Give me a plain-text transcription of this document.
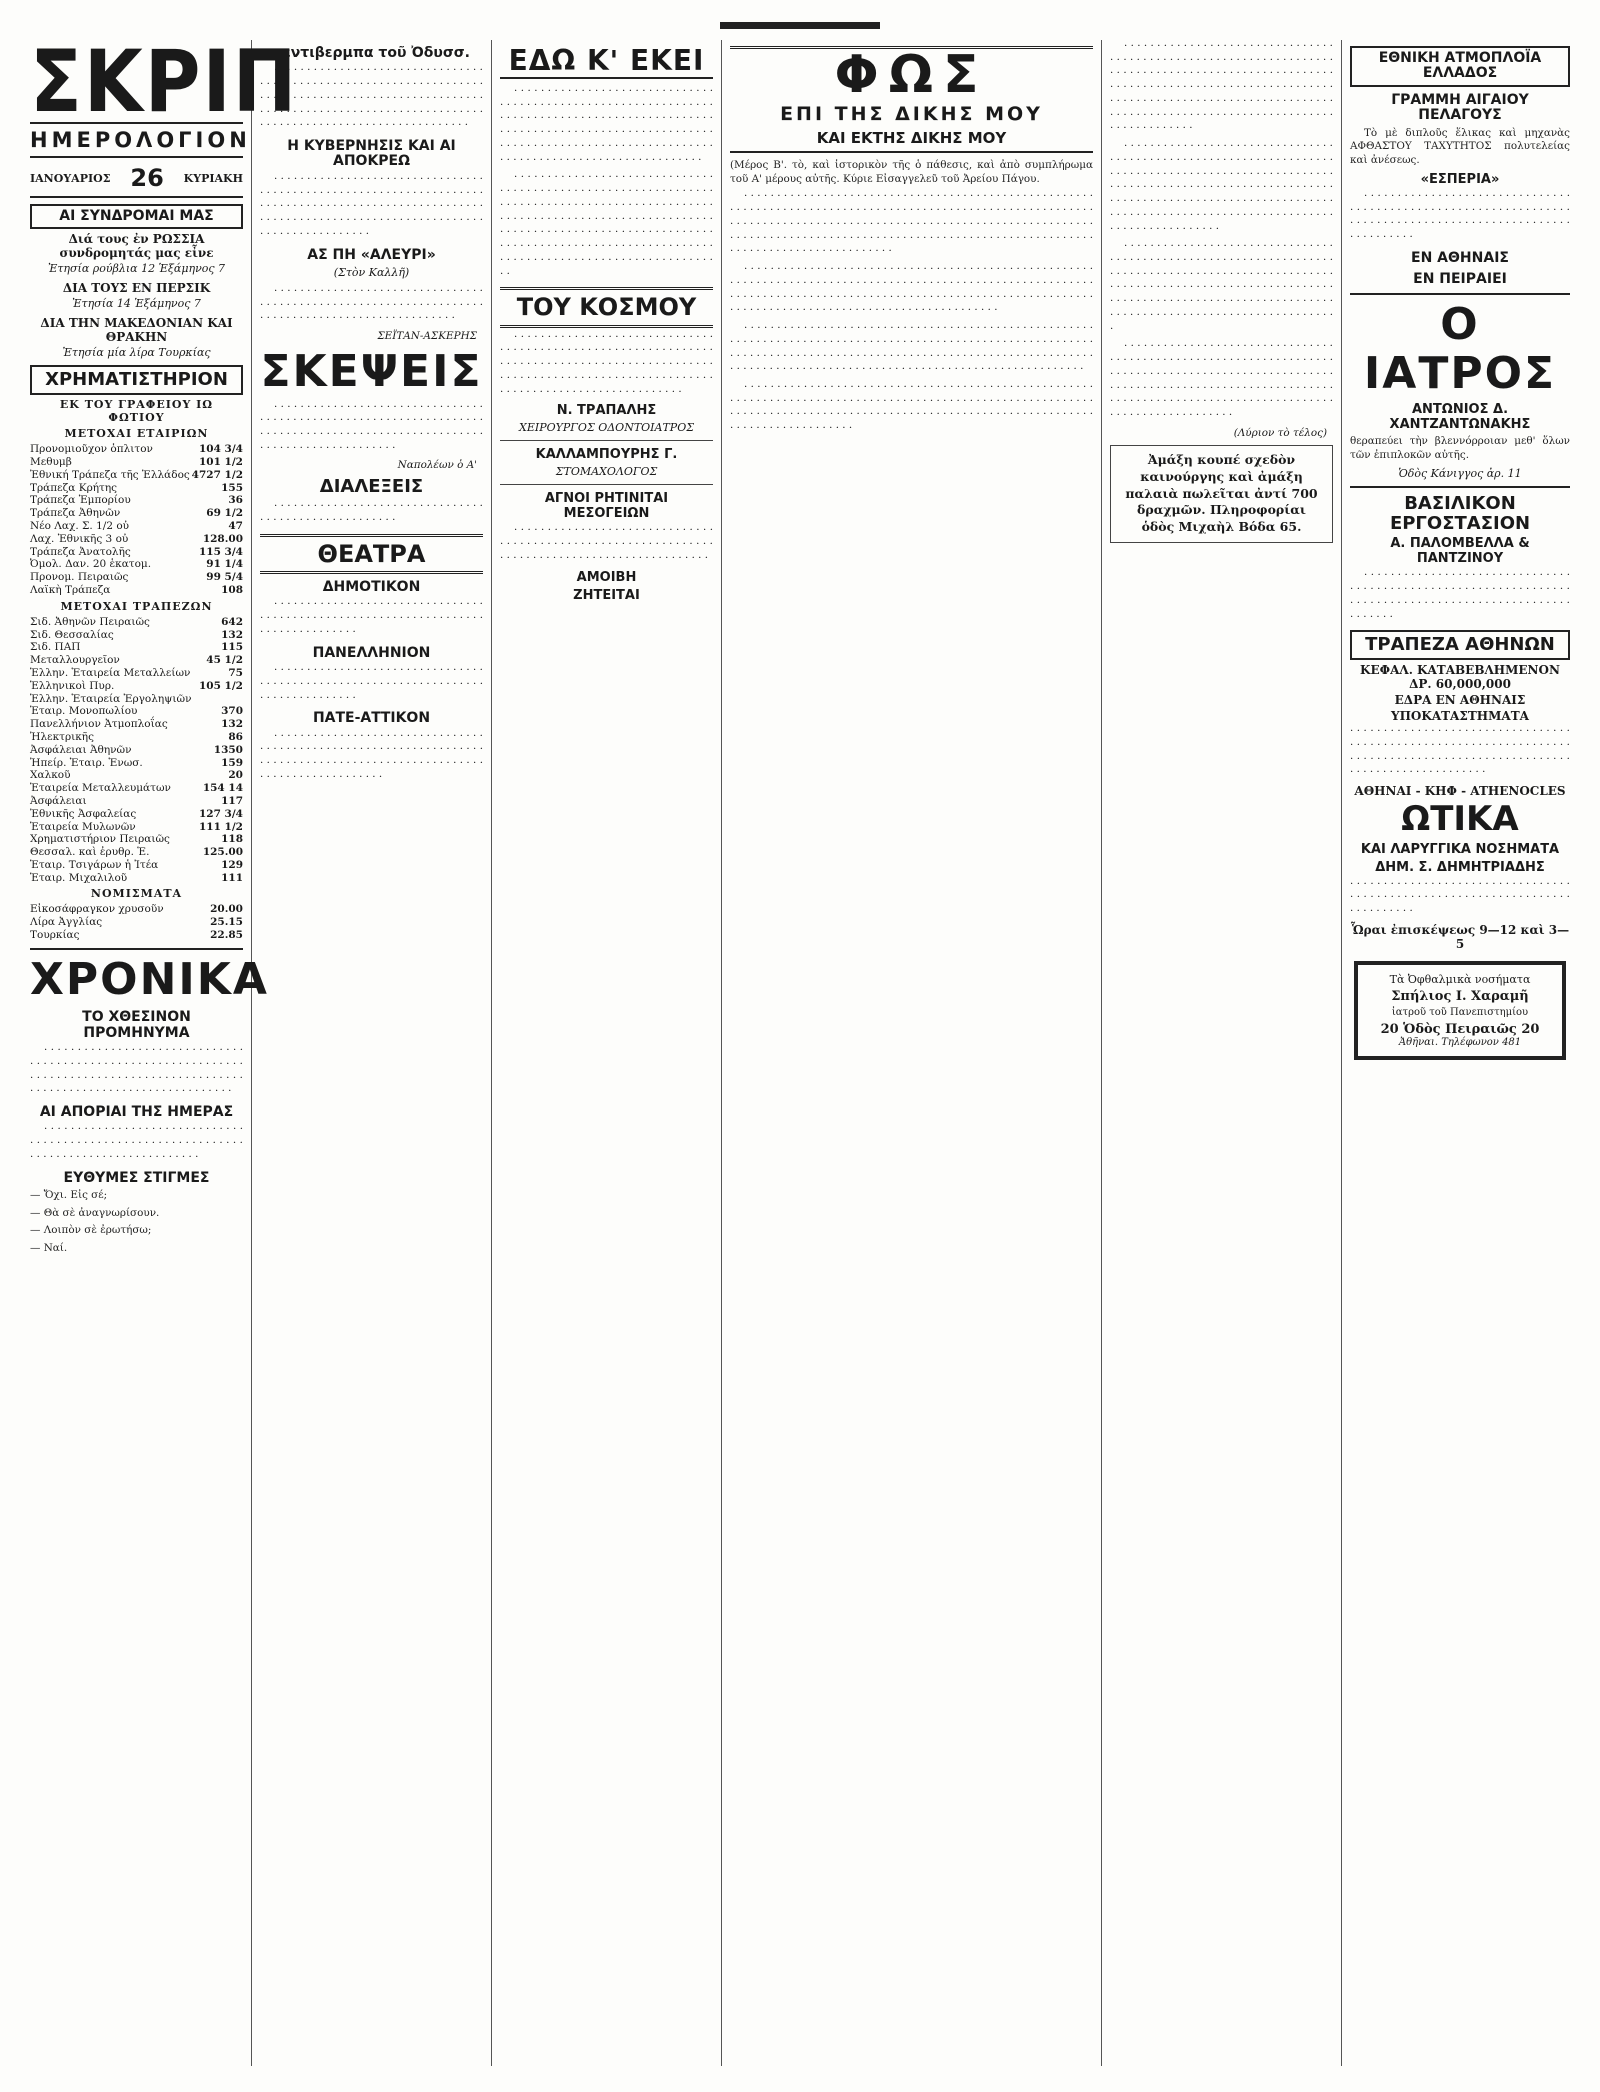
ΣΚΡΙΠ
ΗΜΕΡΟΛΟΓΙΟΝ
ΙΑΝΟΥΑΡΙΟΣ 26 ΚΥΡΙΑΚΗ
ΑΙ ΣΥΝΔΡΟΜΑΙ ΜΑΣ
Διά τους ἐν ΡΩΣΣΙΑ συνδρομητάς μας εἶνε
Ἐτησία ρούβλια 12 Ἑξάμηνος 7
ΔΙΑ ΤΟΥΣ ΕΝ ΠΕΡΣΙΚ
Ἐτησία 14 Ἑξάμηνος 7
ΔΙΑ ΤΗΝ ΜΑΚΕΔΟΝΙΑΝ ΚΑΙ ΘΡΑΚΗΝ
Ἐτησία μία λίρα Τουρκίας
ΧΡΗΜΑΤΙΣΤΗΡΙΟΝ
ΕΚ ΤΟΥ ΓΡΑΦΕΙΟΥ ΙΩ ΦΩΤΙΟΥ
ΜΕΤΟΧΑΙ ΕΤΑΙΡΙΩΝ
Προνομιοῦχον ὁπλιτον	104 3/4
Μεθυμβ	101 1/2
Ἐθνική Τράπεζα τῆς Ἑλλάδος	4727 1/2
Τράπεζα Κρήτης	155
Τράπεζα Ἐμπορίου	36
Τράπεζα Ἀθηνῶν	69 1/2
Νέο Λαχ. Σ. 1/2 οὐ	47
Λαχ. Ἐθνικῆς 3 οὐ	128.00
Τράπεζα Ἀνατολῆς	115 3/4
Ὀμολ. Δαν. 20 ἑκατομ.	91 1/4
Προνομ. Πειραιῶς	99 5/4
Λαϊκὴ Τράπεζα	108
ΜΕΤΟΧΑΙ ΤΡΑΠΕΖΩΝ
Σιδ. Ἀθηνῶν Πειραιῶς	642
Σιδ. Θεσσαλίας	132
Σιδ. ΠΑΠ	115
Μεταλλουργεῖον	45 1/2
Ἑλλην. Ἑταιρεία Μεταλλείων	75
Ἑλληνικοὶ Πυρ.	105 1/2
Ἑλλην. Ἑταιρεία Ἐργοληψιῶν	
Ἑταιρ. Μονοπωλίου	370
Πανελλήνιον Ἀτμοπλοΐας	132
Ἠλεκτρικῆς	86
Ἀσφάλειαι Ἀθηνῶν	1350
Ἠπείρ. Ἑταιρ. Ἑνωσ.	159
Χαλκοῦ	20
Ἑταιρεία Μεταλλευμάτων	154 14
Ἀσφάλειαι	117
Ἐθνικῆς Ἀσφαλείας	127 3/4
Ἑταιρεία Μυλωνῶν	111 1/2
Χρηματιστήριον Πειραιῶς	118
Θεσσαλ. καὶ ἐρυθρ. Ἑ.	125.00
Ἑταιρ. Τσιγάρων ἡ Ἰτέα	129
Ἑταιρ. Μιχαλιλοῦ	111
ΝΟΜΙΣΜΑΤΑ
Εἰκοσάφραγκον χρυσοῦν	20.00
Λίρα Ἀγγλίας	25.15
Τουρκίας	22.85
ΧΡΟΝΙΚΑ
ΤΟ ΧΘΕΣΙΝΟΝ ΠΡΟΜΗΝΥΜΑ

· · · · · · · · · · · · · · · · · · · · · · · · · · · · · · · · · · · · · · · · · · · · · · · · · · · · · · · · · · · · · · · · · · · · · · · · · · · · · · · · · · · · · · · · · · · · · · · · · · · · · · · · · · · · · · · · · · · · · · · · · · · · ·

ΑΙ ΑΠΟΡΙΑΙ ΤΗΣ ΗΜΕΡΑΣ

· · · · · · · · · · · · · · · · · · · · · · · · · · · · · · · · · · · · · · · · · · · · · · · · · · · · · · · · · · · · · · · · · · · · · · · · · · · · · · · · · · · · · · · ·

ΕΥΘΥΜΕΣ ΣΤΙΓΜΕΣ

— Ὄχι. Εἰς σέ;

— Θὰ σὲ ἀναγνωρίσουν.

— Λοιπὸν σὲ ἐρωτήσω;

— Ναί.

κεντιβερμπα τοῦ Ὀδυσσ.

· · · · · · · · · · · · · · · · · · · · · · · · · · · · · · · · · · · · · · · · · · · · · · · · · · · · · · · · · · · · · · · · · · · · · · · · · · · · · · · · · · · · · · · · · · · · · · · · · · · · · · · · · · · · · · · · · · · · · · · · · · · · · · · · · · · · · · · · · · · · · · · · · · · · · · · · · · · · · · · · · · · · · ·

Η ΚΥΒΕΡΝΗΣΙΣ ΚΑΙ ΑΙ ΑΠΟΚΡΕΩ

· · · · · · · · · · · · · · · · · · · · · · · · · · · · · · · · · · · · · · · · · · · · · · · · · · · · · · · · · · · · · · · · · · · · · · · · · · · · · · · · · · · · · · · · · · · · · · · · · · · · · · · · · · · · · · · · · · · · · · · · · · · · · · · · · · · · · · · · · · · · · · · · · · · · · · ·

ΑΣ ΠΗ «ΑΛΕΥΡΙ»
(Στὸν Καλλῆ)

· · · · · · · · · · · · · · · · · · · · · · · · · · · · · · · · · · · · · · · · · · · · · · · · · · · · · · · · · · · · · · · · · · · · · · · · · · · · · · · · · · · · · · · · · · · · · · · ·

ΣΕΪΤΑΝ-ΑΣΚΕΡΗΣ
ΣΚΕΨΕΙΣ

· · · · · · · · · · · · · · · · · · · · · · · · · · · · · · · · · · · · · · · · · · · · · · · · · · · · · · · · · · · · · · · · · · · · · · · · · · · · · · · · · · · · · · · · · · · · · · · · · · · · · · · · · · · · · · · · · · · · · · · · ·

Ναπολέων ὁ Α'
ΔΙΑΛΕΞΕΙΣ

· · · · · · · · · · · · · · · · · · · · · · · · · · · · · · · · · · · · · · · · · · · · · · · · · · · · ·

ΘΕΑΤΡΑ
ΔΗΜΟΤΙΚΟΝ

· · · · · · · · · · · · · · · · · · · · · · · · · · · · · · · · · · · · · · · · · · · · · · · · · · · · · · · · · · · · · · · · · · · · · · · · · · · · · · · · ·

ΠΑΝΕΛΛΗΝΙΟΝ

· · · · · · · · · · · · · · · · · · · · · · · · · · · · · · · · · · · · · · · · · · · · · · · · · · · · · · · · · · · · · · · · · · · · · · · · · · · · · · · · ·

ΠΑΤΕ-ΑΤΤΙΚΟΝ

· · · · · · · · · · · · · · · · · · · · · · · · · · · · · · · · · · · · · · · · · · · · · · · · · · · · · · · · · · · · · · · · · · · · · · · · · · · · · · · · · · · · · · · · · · · · · · · · · · · · · · · · · · · · · · · · · · · · · · ·

ΕΔΩ Κ' ΕΚΕΙ

· · · · · · · · · · · · · · · · · · · · · · · · · · · · · · · · · · · · · · · · · · · · · · · · · · · · · · · · · · · · · · · · · · · · · · · · · · · · · · · · · · · · · · · · · · · · · · · · · · · · · · · · · · · · · · · · · · · · · · · · · · · · · · · · · · · · · · · · · · · · · · · · · · · · · · · · · · · · · · · · · · · · · · · · · · · · · · · · · · · · · · · · · · · · ·

· · · · · · · · · · · · · · · · · · · · · · · · · · · · · · · · · · · · · · · · · · · · · · · · · · · · · · · · · · · · · · · · · · · · · · · · · · · · · · · · · · · · · · · · · · · · · · · · · · · · · · · · · · · · · · · · · · · · · · · · · · · · · · · · · · · · · · · · · · · · · · · · · · · · · · · · · · · · · · · · · · · · · · · · · · · · · · · · · · · · · · · · · · · · · · · · · · · · · · · · · · · · · · · · · · · · · · · · · · · · · · · ·

ΤΟΥ ΚΟΣΜΟΥ

· · · · · · · · · · · · · · · · · · · · · · · · · · · · · · · · · · · · · · · · · · · · · · · · · · · · · · · · · · · · · · · · · · · · · · · · · · · · · · · · · · · · · · · · · · · · · · · · · · · · · · · · · · · · · · · · · · · · · · · · · · · · · · · · · · · · · · · · · · · · · · · · · · · · · · · · · ·

Ν. ΤΡΑΠΑΛΗΣ
ΧΕΙΡΟΥΡΓΟΣ ΟΔΟΝΤΟΙΑΤΡΟΣ
ΚΑΛΛΑΜΠΟΥΡΗΣ Γ.
ΣΤΟΜΑΧΟΛΟΓΟΣ
ΑΓΝΟΙ ΡΗΤΙΝΙΤΑΙ ΜΕΣΟΓΕΙΩΝ

· · · · · · · · · · · · · · · · · · · · · · · · · · · · · · · · · · · · · · · · · · · · · · · · · · · · · · · · · · · · · · · · · · · · · · · · · · · · · · · · · · · · · · · · · · · · · ·

ΑΜΟΙΒΗ
ΖΗΤΕΙΤΑΙ
ΦΩΣ
ΕΠΙ ΤΗΣ ΔΙΚΗΣ ΜΟΥ
ΚΑΙ ΕΚΤΗΣ ΔΙΚΗΣ ΜΟΥ

(Μέρος Β'. τὸ, καὶ ἱστορικὸν τῆς ὁ πάθεσις, καὶ ἀπὸ συμπλήρωμα τοῦ Α' μέρους αὐτῆς. Κύριε Εἰσαγγελεῦ τοῦ Ἀρείου Πάγου.

· · · · · · · · · · · · · · · · · · · · · · · · · · · · · · · · · · · · · · · · · · · · · · · · · · · · · · · · · · · · · · · · · · · · · · · · · · · · · · · · · · · · · · · · · · · · · · · · · · · · · · · · · · · · · · · · · · · · · · · · · · · · · · · · · · · · · · · · · · · · · · · · · · · · · · · · · · · · · · · · · · · · · · · · · · · · · · · · · · · · · · · · · · · · · · · · · · · · · · · · · · · · · · · · · · · · · · · · · · · · · · · · · · · · · · · · · · · · · · · · · · ·

· · · · · · · · · · · · · · · · · · · · · · · · · · · · · · · · · · · · · · · · · · · · · · · · · · · · · · · · · · · · · · · · · · · · · · · · · · · · · · · · · · · · · · · · · · · · · · · · · · · · · · · · · · · · · · · · · · · · · · · · · · · · · · · · · · · · · · · · · · · · · · · · · · · · · · · · · · · · · · · · · · · · · · · · · · · · · · · · · · · · · · · · · · · · · · · · · · · · · · · · · · · ·

· · · · · · · · · · · · · · · · · · · · · · · · · · · · · · · · · · · · · · · · · · · · · · · · · · · · · · · · · · · · · · · · · · · · · · · · · · · · · · · · · · · · · · · · · · · · · · · · · · · · · · · · · · · · · · · · · · · · · · · · · · · · · · · · · · · · · · · · · · · · · · · · · · · · · · · · · · · · · · · · · · · · · · · · · · · · · · · · · · · · · · · · · · · · · · · · · · · · · · · · · · · · · · · · · · · · · · · · ·

· · · · · · · · · · · · · · · · · · · · · · · · · · · · · · · · · · · · · · · · · · · · · · · · · · · · · · · · · · · · · · · · · · · · · · · · · · · · · · · · · · · · · · · · · · · · · · · · · · · · · · · · · · · · · · · · · · · · · · · · · · · · · · · · · · · · · · · · · · · · · · · · · · · · · · · · · · · · · · · · · · · · · · · · · · · · · · · · · · · · · ·

· · · · · · · · · · · · · · · · · · · · · · · · · · · · · · · · · · · · · · · · · · · · · · · · · · · · · · · · · · · · · · · · · · · · · · · · · · · · · · · · · · · · · · · · · · · · · · · · · · · · · · · · · · · · · · · · · · · · · · · · · · · · · · · · · · · · · · · · · · · · · · · · · · · · · · · · · · · · · · · · · · · · · · · · · · · · · · · · · · · · · · · · · · · · · · · · · · · · · · · · · · · · · · · · · · · · · · ·

· · · · · · · · · · · · · · · · · · · · · · · · · · · · · · · · · · · · · · · · · · · · · · · · · · · · · · · · · · · · · · · · · · · · · · · · · · · · · · · · · · · · · · · · · · · · · · · · · · · · · · · · · · · · · · · · · · · · · · · · · · · · · · · · · · · · · · · · · · · · · · · · · · · · · · · · · · · · · · · · · · · · · · · · · · · · · · · · · · · · · · · · · · · · · · · · · · · · · · · · · · · · · · · · · · · · · · · · · · ·

· · · · · · · · · · · · · · · · · · · · · · · · · · · · · · · · · · · · · · · · · · · · · · · · · · · · · · · · · · · · · · · · · · · · · · · · · · · · · · · · · · · · · · · · · · · · · · · · · · · · · · · · · · · · · · · · · · · · · · · · · · · · · · · · · · · · · · · · · · · · · · · · · · · · · · · · · · · · · · · · · · · · · · · · · · · · · · · · · · · · · · · · · · · · · · · · · · · · · · · · · · ·

· · · · · · · · · · · · · · · · · · · · · · · · · · · · · · · · · · · · · · · · · · · · · · · · · · · · · · · · · · · · · · · · · · · · · · · · · · · · · · · · · · · · · · · · · · · · · · · · · · · · · · · · · · · · · · · · · · · · · · · · · · · · · · · · · · · · · · · · · · · · · · · · · · · · · · · · · · · · · · · · · · · · · · · · · · · · · · · · · · · · · · · · · · ·

(Λύριον τὸ τέλος)
Ἀμάξη κουπέ σχεδὸν καινούργης καὶ ἀμάξη παλαιὰ πωλεῖται ἀντί 700 δραχμῶν. Πληροφορίαι ὁδὸς Μιχαὴλ Βόδα 65.
ΕΘΝΙΚΗ ΑΤΜΟΠΛΟΪΑ ΕΛΛΑΔΟΣ
ΓΡΑΜΜΗ ΑΙΓΑΙΟΥ ΠΕΛΑΓΟΥΣ

Τὸ μὲ διπλοῦς ἕλικας καὶ μηχανὰς ΑΦΘΑΣΤΟΥ ΤΑΧΥΤΗΤΟΣ πολυτελείας καὶ ἀνέσεως.

«ΕΣΠΕΡΙΑ»

· · · · · · · · · · · · · · · · · · · · · · · · · · · · · · · · · · · · · · · · · · · · · · · · · · · · · · · · · · · · · · · · · · · · · · · · · · · · · · · · · · · · · · · · · · · · · · · · · · · · · · · · · · ·

ΕΝ ΑΘΗΝΑΙΣ
ΕΝ ΠΕΙΡΑΙΕΙ
Ο ΙΑΤΡΟΣ
ΑΝΤΩΝΙΟΣ Δ. ΧΑΝΤΖΑΝΤΩΝΑΚΗΣ

θεραπεύει τὴν βλεννόρροιαν μεθ' ὅλων τῶν ἐπιπλοκῶν αὐτῆς.

Ὁδὸς Κάνιγγος ἀρ. 11
ΒΑΣΙΛΙΚΟΝ ΕΡΓΟΣΤΑΣΙΟΝ
Α. ΠΑΛΟΜΒΕΛΛΑ & ΠΑΝΤΖΙΝΟΥ

· · · · · · · · · · · · · · · · · · · · · · · · · · · · · · · · · · · · · · · · · · · · · · · · · · · · · · · · · · · · · · · · · · · · · · · · · · · · · · · · · · · · · · · · · · · · · · · · · · · · · · · ·

ΤΡΑΠΕΖΑ ΑΘΗΝΩΝ
ΚΕΦΑΛ. ΚΑΤΑΒΕΒΛΗΜΕΝΟΝ ΔΡ. 60,000,000
ΕΔΡΑ ΕΝ ΑΘΗΝΑΙΣ
ΥΠΟΚΑΤΑΣΤΗΜΑΤΑ

· · · · · · · · · · · · · · · · · · · · · · · · · · · · · · · · · · · · · · · · · · · · · · · · · · · · · · · · · · · · · · · · · · · · · · · · · · · · · · · · · · · · · · · · · · · · · · · · · · · · · · · · · · · · · · · · · · · · · · · ·

ΑΘΗΝΑΙ - ΚΗΦ - ATHENOCLES
ΩΤΙΚΑ
ΚΑΙ ΛΑΡΥΓΓΙΚΑ ΝΟΣΗΜΑΤΑ
ΔΗΜ. Σ. ΔΗΜΗΤΡΙΑΔΗΣ

· · · · · · · · · · · · · · · · · · · · · · · · · · · · · · · · · · · · · · · · · · · · · · · · · · · · · · · · · · · · · · · · · · · · · · · · · · · ·

Ὧραι ἐπισκέψεως 9—12 καὶ 3—5
Τὰ Ὀφθαλμικὰ νοσήματα
Σπήλιος Ι. Χαραμῆ
ἰατροῦ τοῦ Πανεπιστημίου
20 Ὁδὸς Πειραιῶς 20
Ἀθῆναι. Τηλέφωνον 481
